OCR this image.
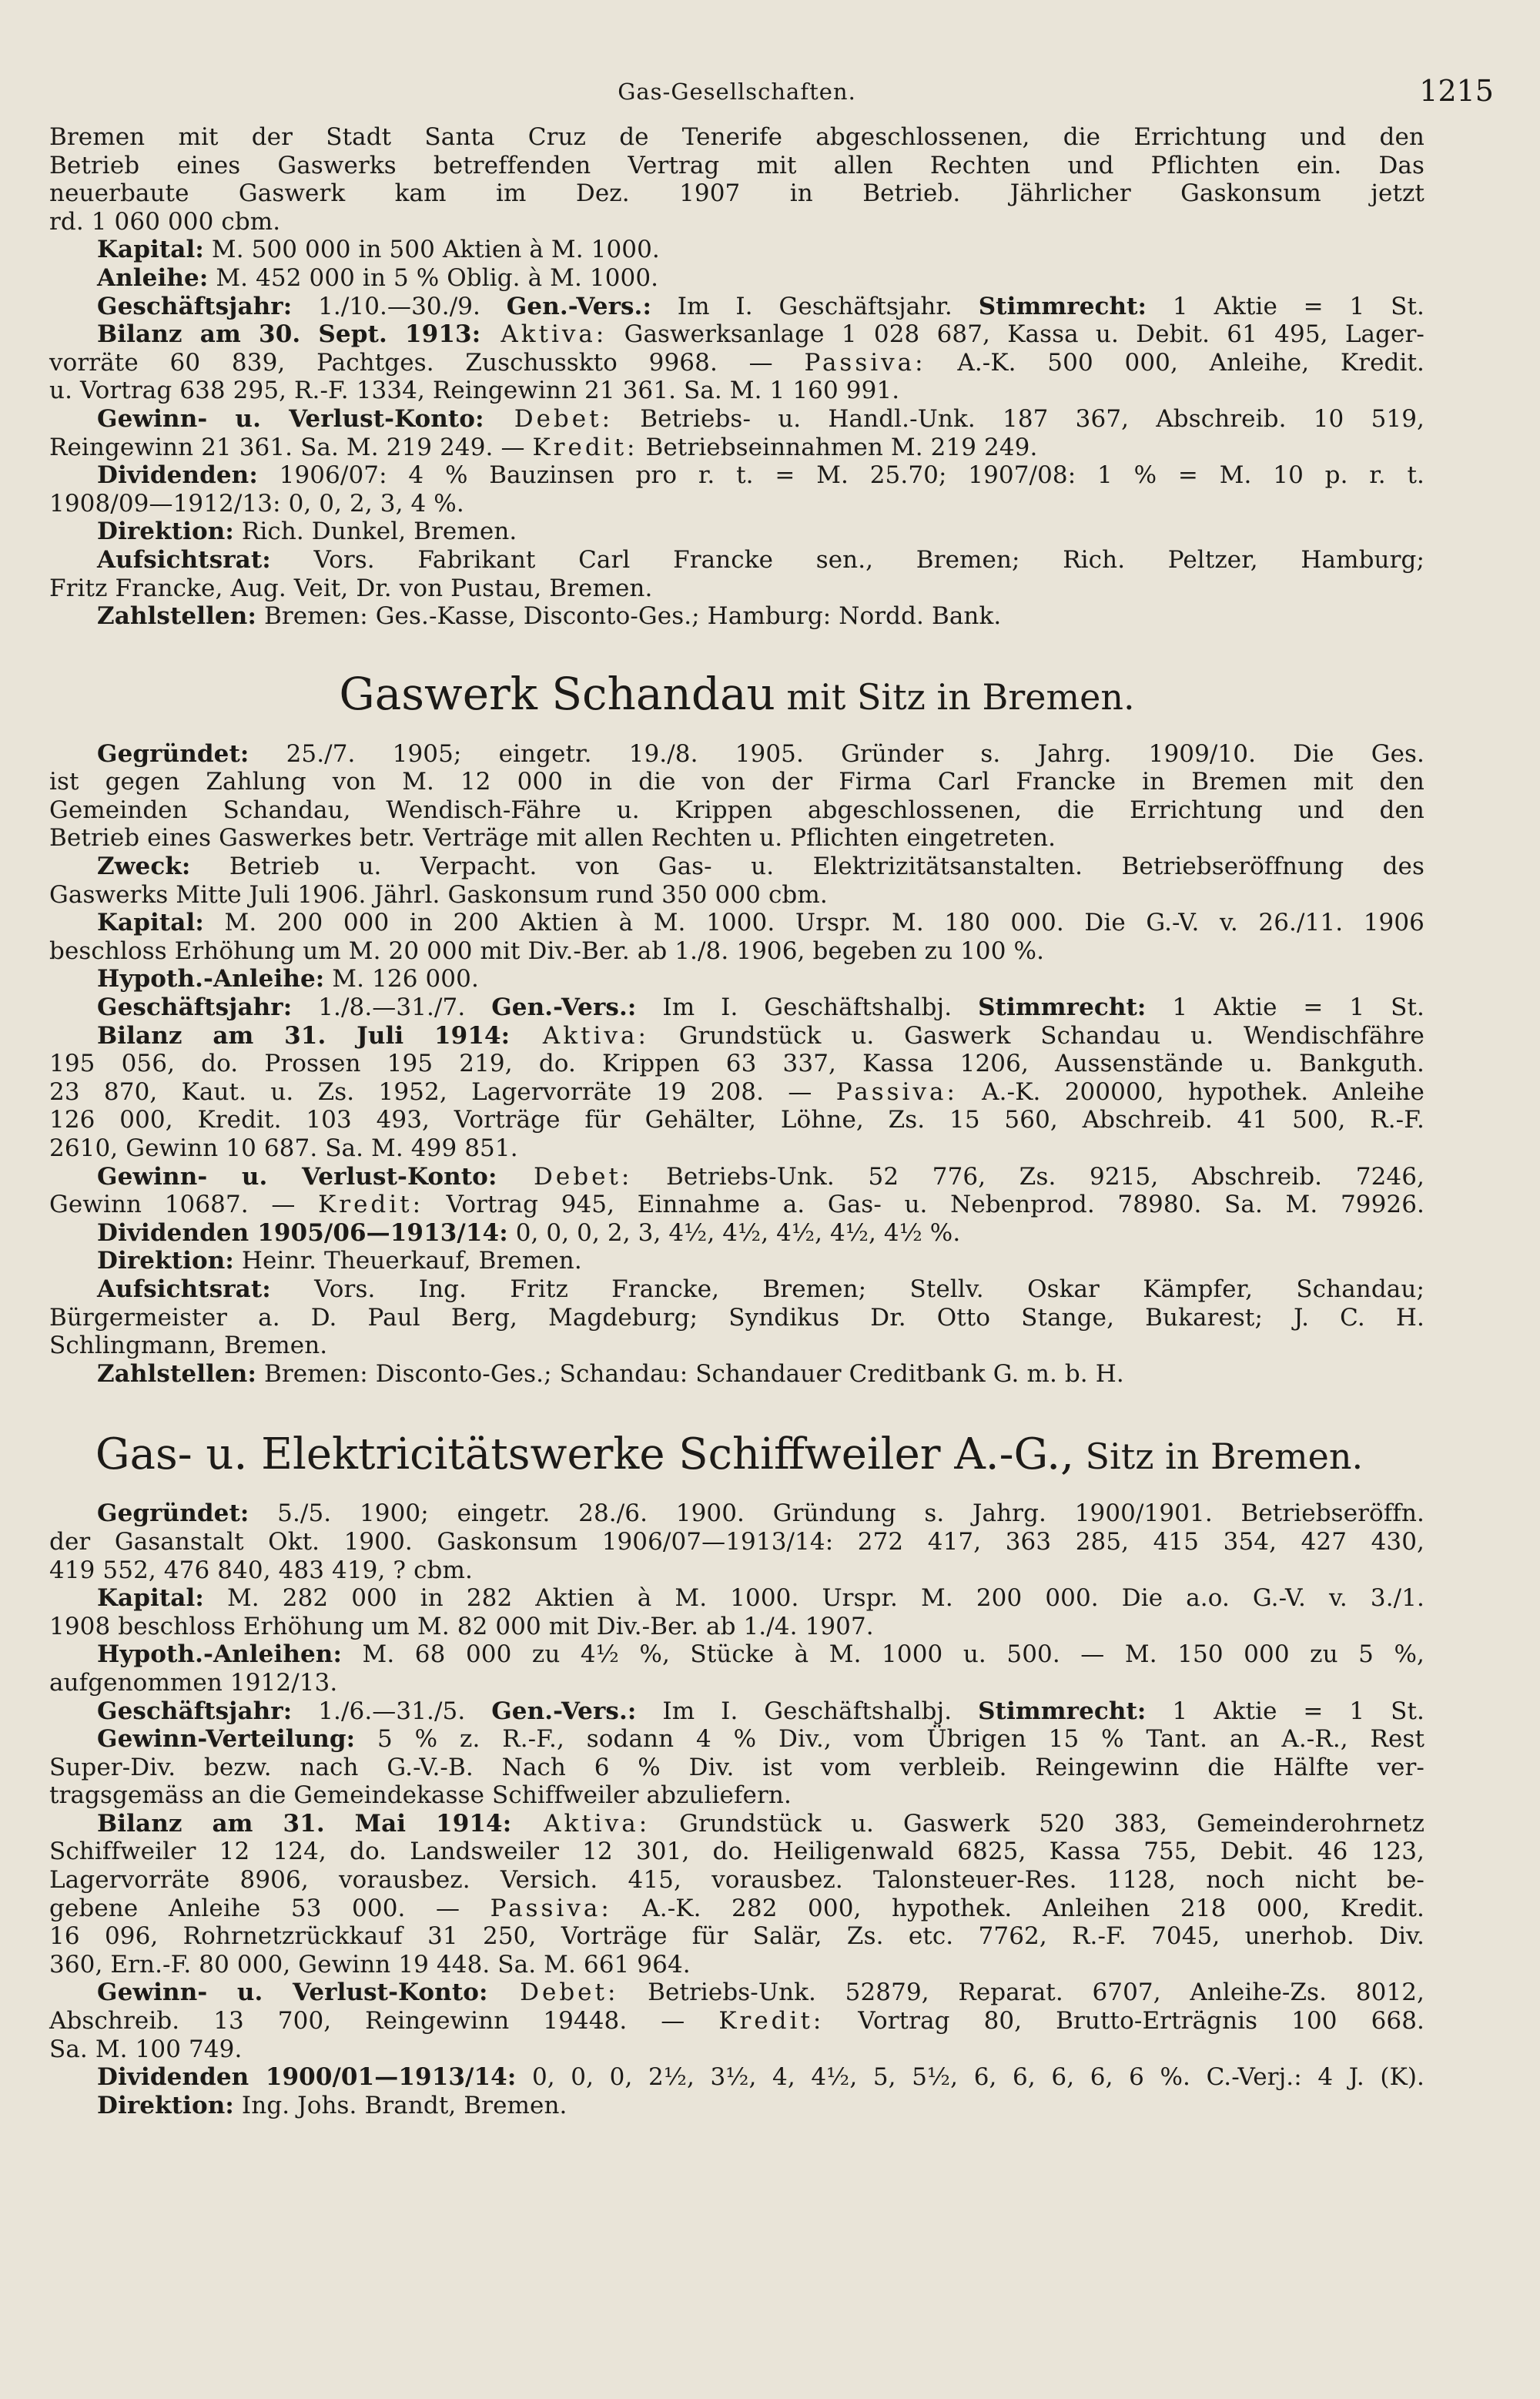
Gas-Gesellschaften.	1215

Bremen mit der Stadt Santa Cruz de Tenerife abgeschlossenen, die Errichtung und den

Betrieb eines Gaswerks betreffenden Vertrag mit allen Rechten und Pflichten ein. Das

neuerbaute Gaswerk kam im Dez. 1907 in Betrieb. Jährlicher Gaskonsum jetzt

rd. 1 060 000 cbm.

Kapital: M. 500 000 in 500 Aktien à M. 1000.

Anleihe: M. 452 000 in 5 % Oblig. à M. 1000.

Geschäftsjahr: 1./10.—30./9. Gen.-Vers.: Im I. Geschäftsjahr. Stimmrecht: 1 Aktie = 1 St.

Bilanz am 30. Sept. 1913: Aktiva: Gaswerksanlage 1 028 687, Kassa u. Debit. 61 495, Lager-

vorräte 60 839, Pachtges. Zuschusskto 9968. — Passiva: A.-K. 500 000, Anleihe, Kredit.

u. Vortrag 638 295, R.-F. 1334, Reingewinn 21 361. Sa. M. 1 160 991.

Gewinn- u. Verlust-Konto: Debet: Betriebs- u. Handl.-Unk. 187 367, Abschreib. 10 519,

Reingewinn 21 361. Sa. M. 219 249. — Kredit: Betriebseinnahmen M. 219 249.

Dividenden: 1906/07: 4 % Bauzinsen pro r. t. = M. 25.70; 1907/08: 1 % = M. 10 p. r. t.

1908/09—1912/13: 0, 0, 2, 3, 4 %.

Direktion: Rich. Dunkel, Bremen.

Aufsichtsrat: Vors. Fabrikant Carl Francke sen., Bremen; Rich. Peltzer, Hamburg;

Fritz Francke, Aug. Veit, Dr. von Pustau, Bremen.

Zahlstellen: Bremen: Ges.-Kasse, Disconto-Ges.; Hamburg: Nordd. Bank.

Gaswerk Schandau mit Sitz in Bremen.

Gegründet: 25./7. 1905; eingetr. 19./8. 1905. Gründer s. Jahrg. 1909/10. Die Ges.

ist gegen Zahlung von M. 12 000 in die von der Firma Carl Francke in Bremen mit den

Gemeinden Schandau, Wendisch-Fähre u. Krippen abgeschlossenen, die Errichtung und den

Betrieb eines Gaswerkes betr. Verträge mit allen Rechten u. Pflichten eingetreten.

Zweck: Betrieb u. Verpacht. von Gas- u. Elektrizitätsanstalten. Betriebseröffnung des

Gaswerks Mitte Juli 1906. Jährl. Gaskonsum rund 350 000 cbm.

Kapital: M. 200 000 in 200 Aktien à M. 1000. Urspr. M. 180 000. Die G.-V. v. 26./11. 1906

beschloss Erhöhung um M. 20 000 mit Div.-Ber. ab 1./8. 1906, begeben zu 100 %.

Hypoth.-Anleihe: M. 126 000.

Geschäftsjahr: 1./8.—31./7. Gen.-Vers.: Im I. Geschäftshalbj. Stimmrecht: 1 Aktie = 1 St.

Bilanz am 31. Juli 1914: Aktiva: Grundstück u. Gaswerk Schandau u. Wendischfähre

195 056, do. Prossen 195 219, do. Krippen 63 337, Kassa 1206, Aussenstände u. Bankguth.

23 870, Kaut. u. Zs. 1952, Lagervorräte 19 208. — Passiva: A.-K. 200000, hypothek. Anleihe

126 000, Kredit. 103 493, Vorträge für Gehälter, Löhne, Zs. 15 560, Abschreib. 41 500, R.-F.

2610, Gewinn 10 687. Sa. M. 499 851.

Gewinn- u. Verlust-Konto: Debet: Betriebs-Unk. 52 776, Zs. 9215, Abschreib. 7246,

Gewinn 10687. — Kredit: Vortrag 945, Einnahme a. Gas- u. Nebenprod. 78980. Sa. M. 79926.

Dividenden 1905/06—1913/14: 0, 0, 0, 2, 3, 4½, 4½, 4½, 4½, 4½ %.

Direktion: Heinr. Theuerkauf, Bremen.

Aufsichtsrat: Vors. Ing. Fritz Francke, Bremen; Stellv. Oskar Kämpfer, Schandau;

Bürgermeister a. D. Paul Berg, Magdeburg; Syndikus Dr. Otto Stange, Bukarest; J. C. H.

Schlingmann, Bremen.

Zahlstellen: Bremen: Disconto-Ges.; Schandau: Schandauer Creditbank G. m. b. H.

Gas- u. Elektricitätswerke Schiffweiler A.-G., Sitz in Bremen.

Gegründet: 5./5. 1900; eingetr. 28./6. 1900. Gründung s. Jahrg. 1900/1901. Betriebseröffn.

der Gasanstalt Okt. 1900. Gaskonsum 1906/07—1913/14: 272 417, 363 285, 415 354, 427 430,

419 552, 476 840, 483 419, ? cbm.

Kapital: M. 282 000 in 282 Aktien à M. 1000. Urspr. M. 200 000. Die a.o. G.-V. v. 3./1.

1908 beschloss Erhöhung um M. 82 000 mit Div.-Ber. ab 1./4. 1907.

Hypoth.-Anleihen: M. 68 000 zu 4½ %, Stücke à M. 1000 u. 500. — M. 150 000 zu 5 %,

aufgenommen 1912/13.

Geschäftsjahr: 1./6.—31./5. Gen.-Vers.: Im I. Geschäftshalbj. Stimmrecht: 1 Aktie = 1 St.

Gewinn-Verteilung: 5 % z. R.-F., sodann 4 % Div., vom Übrigen 15 % Tant. an A.-R., Rest

Super-Div. bezw. nach G.-V.-B. Nach 6 % Div. ist vom verbleib. Reingewinn die Hälfte ver-

tragsgemäss an die Gemeindekasse Schiffweiler abzuliefern.

Bilanz am 31. Mai 1914: Aktiva: Grundstück u. Gaswerk 520 383, Gemeinderohrnetz

Schiffweiler 12 124, do. Landsweiler 12 301, do. Heiligenwald 6825, Kassa 755, Debit. 46 123,

Lagervorräte 8906, vorausbez. Versich. 415, vorausbez. Talonsteuer-Res. 1128, noch nicht be-

gebene Anleihe 53 000. — Passiva: A.-K. 282 000, hypothek. Anleihen 218 000, Kredit.

16 096, Rohrnetzrückkauf 31 250, Vorträge für Salär, Zs. etc. 7762, R.-F. 7045, unerhob. Div.

360, Ern.-F. 80 000, Gewinn 19 448. Sa. M. 661 964.

Gewinn- u. Verlust-Konto: Debet: Betriebs-Unk. 52879, Reparat. 6707, Anleihe-Zs. 8012,

Abschreib. 13 700, Reingewinn 19448. — Kredit: Vortrag 80, Brutto-Erträgnis 100 668.

Sa. M. 100 749.

Dividenden 1900/01—1913/14: 0, 0, 0, 2½, 3½, 4, 4½, 5, 5½, 6, 6, 6, 6, 6 %. C.-Verj.: 4 J. (K).

Direktion: Ing. Johs. Brandt, Bremen.
